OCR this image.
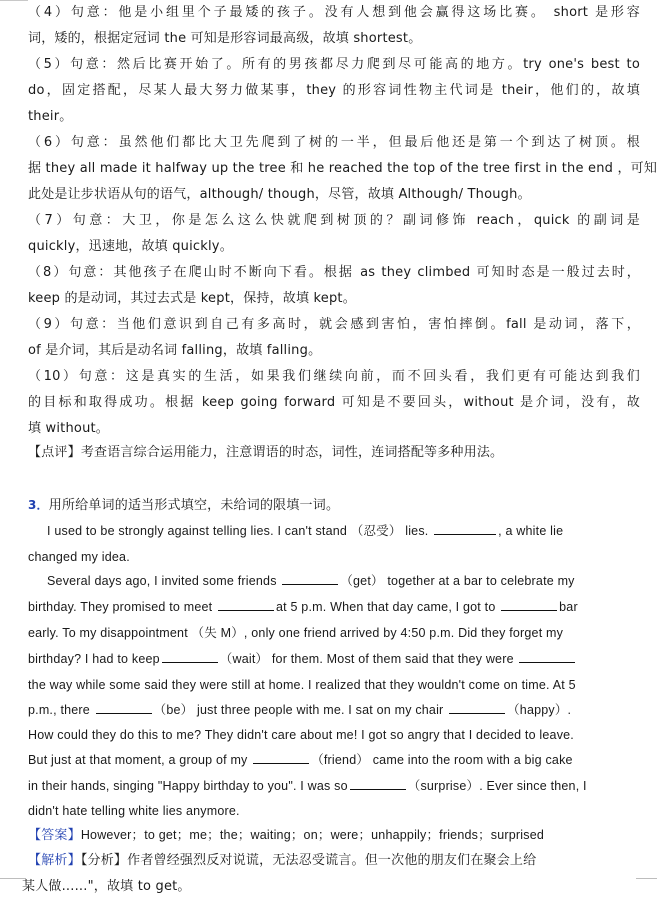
（4）句意：他是小组里个子最矮的孩子。没有人想到他会赢得这场比赛。 short 是形容
词，矮的，根据定冠词 the 可知是形容词最高级，故填 shortest。
（5）句意：然后比赛开始了。所有的男孩都尽力爬到尽可能高的地方。try one's best to
do，固定搭配，尽某人最大努力做某事，they 的形容词性物主代词是 their，他们的，故填
their。
（6）句意：虽然他们都比大卫先爬到了树的一半，但最后他还是第一个到达了树顶。根
据 they all made it halfway up the tree 和 he reached the top of the tree first in the end ，可知
此处是让步状语从句的语气，although/ though，尽管，故填 Although/ Though。
（7）句意：大卫，你是怎么这么快就爬到树顶的？副词修饰 reach，quick 的副词是
quickly，迅速地，故填 quickly。
（8）句意：其他孩子在爬山时不断向下看。根据 as they climbed 可知时态是一般过去时，
keep 的是动词，其过去式是 kept，保持，故填 kept。
（9）句意：当他们意识到自己有多高时，就会感到害怕，害怕摔倒。fall 是动词，落下，
of 是介词，其后是动名词 falling，故填 falling。
（10）句意：这是真实的生活，如果我们继续向前，而不回头看，我们更有可能达到我们
的目标和取得成功。根据 keep going forward 可知是不要回头，without 是介词，没有，故
填 without。
【点评】考查语言综合运用能力，注意谓语的时态，词性，连词搭配等多种用法。
3．用所给单词的适当形式填空，未给词的限填一词。
I used to be strongly against telling lies. I can't stand （忍受） lies.	, a white lie
changed my idea.
Several days ago, I invited some friends	（get） together at a bar to celebrate my
birthday. They promised to meet	at 5 p.m. When that day came, I got to	bar
early. To my disappointment （失 M）, only one friend arrived by 4:50 p.m. Did they forget my
birthday? I had to keep	（wait） for them. Most of them said that they were
the way while some said they were still at home. I realized that they wouldn't come on time. At 5
p.m., there	（be） just three people with me. I sat on my chair	（happy）.
How could they do this to me? They didn't care about me! I got so angry that I decided to leave.
But just at that moment, a group of my	（friend） came into the room with a big cake
in their hands, singing "Happy birthday to you". I was so	（surprise）. Ever since then, I
didn't hate telling white lies anymore.
【答案】However；to get；me；the；waiting；on；were；unhappily；friends；surprised
【解析】【分析】作者曾经强烈反对说谎，无法忍受谎言。但一次他的朋友们在聚会上给
某人做......"，故填 to get。
